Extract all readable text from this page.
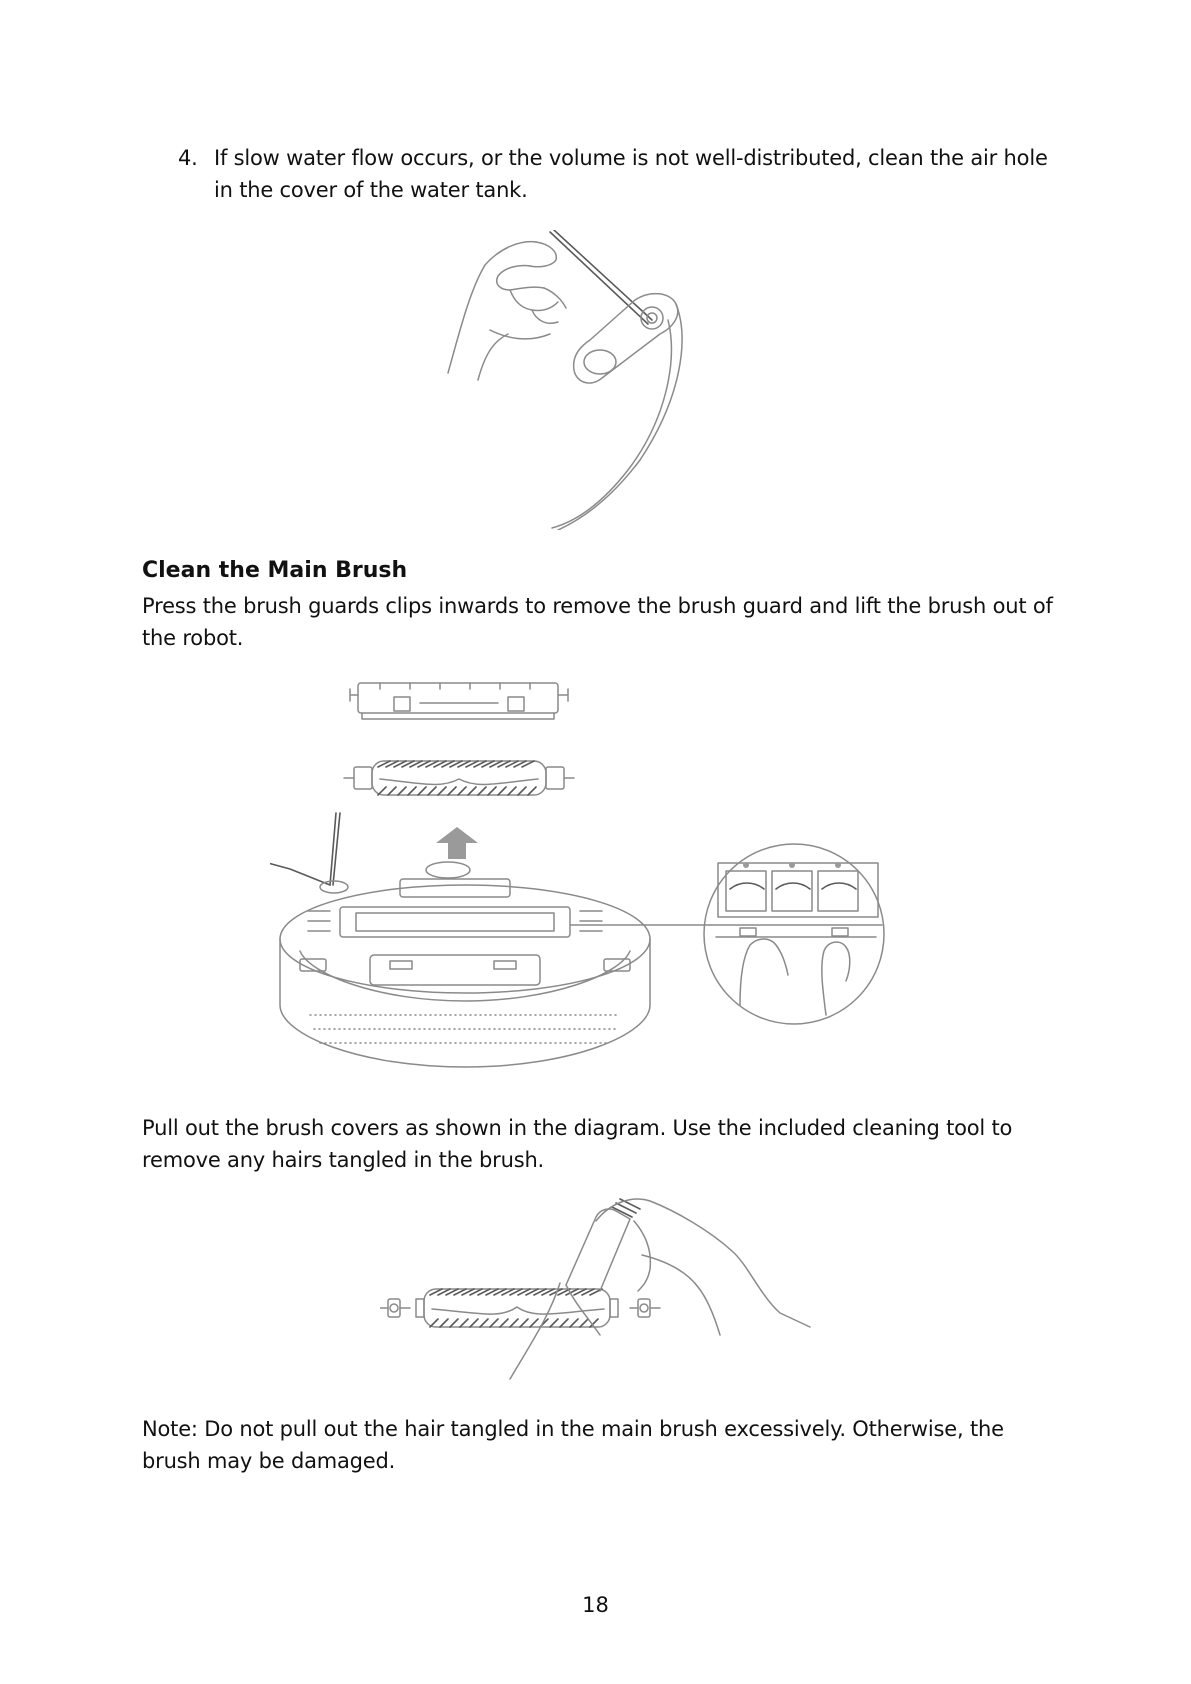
4. If slow water flow occurs, or the volume is not well-distributed, clean the air hole in the cover of the water tank.
Clean the Main Brush
Press the brush guards clips inwards to remove the brush guard and lift the brush out of the robot.
Pull out the brush covers as shown in the diagram. Use the included cleaning tool to remove any hairs tangled in the brush.
Note: Do not pull out the hair tangled in the main brush excessively. Otherwise, the brush may be damaged.
18
